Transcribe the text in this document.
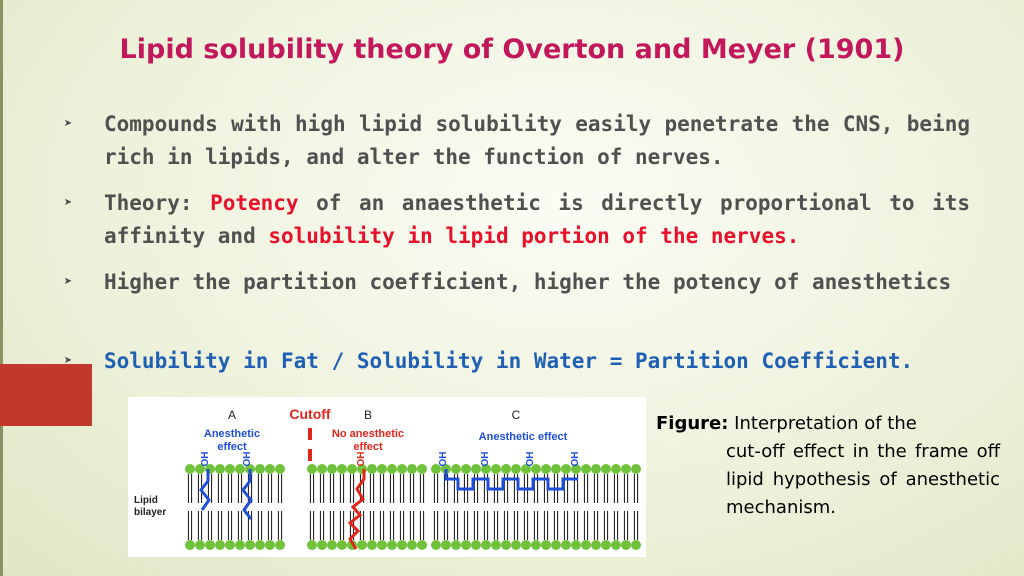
Lipid solubility theory of Overton and Meyer (1901)
➤ Compounds with high lipid solubility easily penetrate the CNS, being rich in lipids, and alter the function of nerves.
➤ Theory: Potency of an anaesthetic is directly proportional to its affinity and solubility in lipid portion of the nerves.
➤ Higher the partition coefficient, higher the potency of anesthetics
➤ Solubility in Fat / Solubility in Water = Partition Coefficient.
OH	OH	OH	OH	OH	OH	OH
A
Anesthetic
effect
Cutoff	B
No anesthetic
effect
C
Anesthetic effect
Lipid
bilayer
Figure: Interpretation of the
cut-off effect in the frame off lipid hypothesis of anesthetic mechanism.
